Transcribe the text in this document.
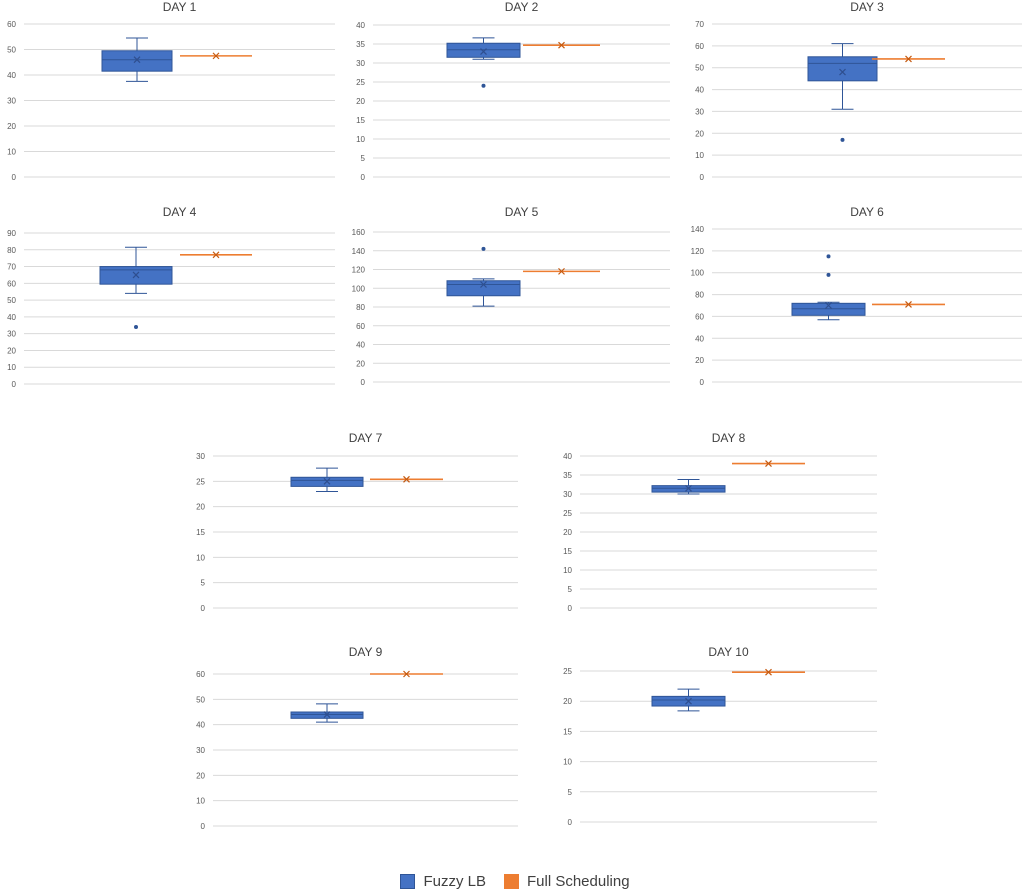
DAY 1
0
10
20
30
40
50
60
DAY 2
0
5
10
15
20
25
30
35
40
DAY 3
0
10
20
30
40
50
60
70
DAY 4
0
10
20
30
40
50
60
70
80
90
DAY 5
0
20
40
60
80
100
120
140
160
DAY 6
0
20
40
60
80
100
120
140
DAY 7
0
5
10
15
20
25
30
DAY 8
0
5
10
15
20
25
30
35
40
DAY 9
0
10
20
30
40
50
60
DAY 10
0
5
10
15
20
25
Fuzzy LB	Full Scheduling
